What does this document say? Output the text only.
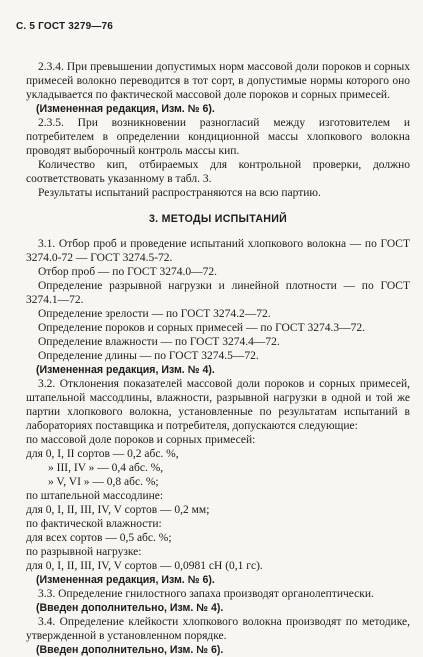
С. 5 ГОСТ 3279—76

2.3.4. При превышении допустимых норм массовой доли пороков и сорных примесей волокно переводится в тот сорт, в допустимые нормы которого оно укладывается по фактической массовой доле пороков и сорных примесей.

(Измененная редакция, Изм. № 6).

2.3.5. При возникновении разногласий между изготовителем и потребителем в определении кондиционной массы хлопкового волокна проводят выборочный контроль массы кип.

Количество кип, отбираемых для контрольной проверки, должно соответствовать указанному в табл. 3.

Результаты испытаний распространяются на всю партию.

3. МЕТОДЫ ИСПЫТАНИЙ

3.1. Отбор проб и проведение испытаний хлопкового волокна — по ГОСТ 3274.0-72 — ГОСТ 3274.5-72.

Отбор проб — по ГОСТ 3274.0—72.

Определение разрывной нагрузки и линейной плотности — по ГОСТ 3274.1—72.

Определение зрелости — по ГОСТ 3274.2—72.

Определение пороков и сорных примесей — по ГОСТ 3274.3—72.

Определение влажности — по ГОСТ 3274.4—72.

Определение длины — по ГОСТ 3274.5—72.

(Измененная редакция, Изм. № 4).

3.2. Отклонения показателей массовой доли пороков и сорных примесей, штапельной массодлины, влажности, разрывной нагрузки в одной и той же партии хлопкового волокна, установленные по результатам испытаний в лабораториях поставщика и потребителя, допускаются следующие:

по массовой доле пороков и сорных примесей:

для 0, I, II сортов — 0,2 абс. %,

» III, IV » — 0,4 абс. %,

» V, VI » — 0,8 абс. %;

по штапельной массодлине:

для 0, I, II, III, IV, V сортов — 0,2 мм;

по фактической влажности:

для всех сортов — 0,5 абс. %;

по разрывной нагрузке:

для 0, I, II, III, IV, V сортов — 0,0981 сН (0,1 гс).

(Измененная редакция, Изм. № 6).

3.3. Определение гнилостного запаха производят органолептически.

(Введен дополнительно, Изм. № 4).

3.4. Определение клейкости хлопкового волокна производят по методике, утвержденной в установленном порядке.

(Введен дополнительно, Изм. № 6).
